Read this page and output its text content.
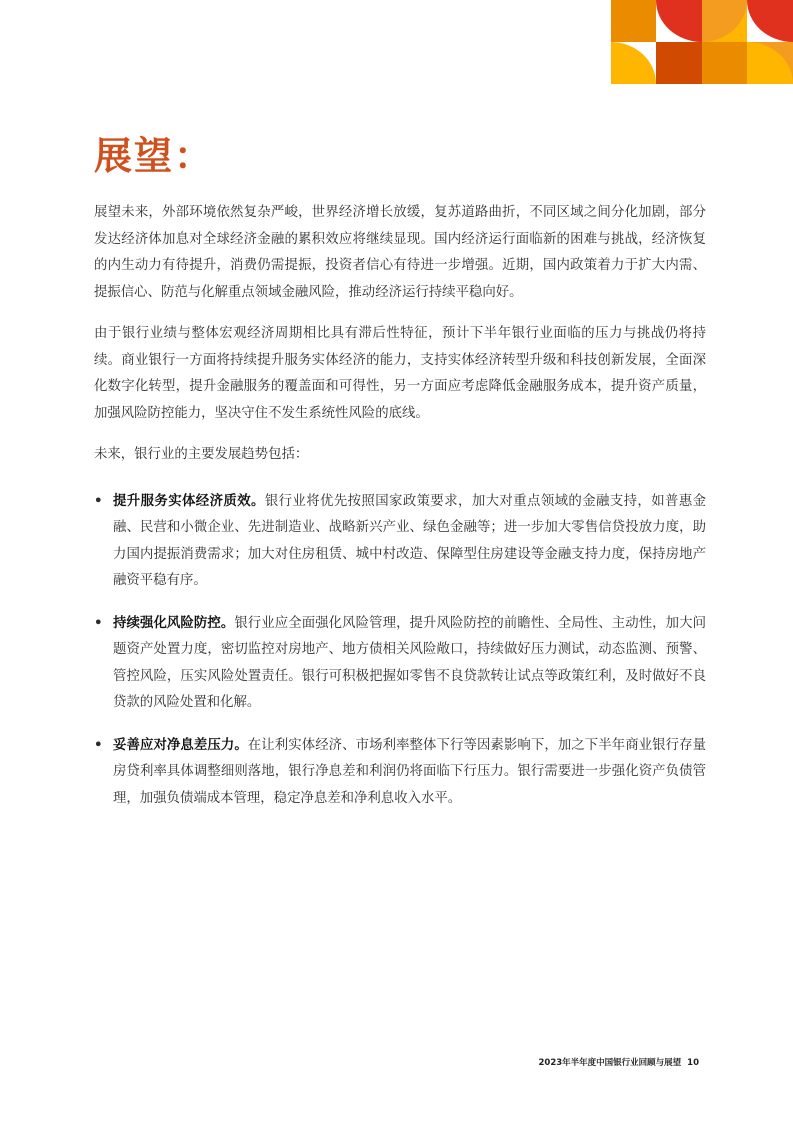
展望：

展望未来，外部环境依然复杂严峻，世界经济增长放缓，复苏道路曲折，不同区域之间分化加剧，部分发达经济体加息对全球经济金融的累积效应将继续显现。国内经济运行面临新的困难与挑战，经济恢复的内生动力有待提升，消费仍需提振，投资者信心有待进一步增强。近期，国内政策着力于扩大内需、提振信心、防范与化解重点领域金融风险，推动经济运行持续平稳向好。

由于银行业绩与整体宏观经济周期相比具有滞后性特征，预计下半年银行业面临的压力与挑战仍将持续。商业银行一方面将持续提升服务实体经济的能力，支持实体经济转型升级和科技创新发展，全面深化数字化转型，提升金融服务的覆盖面和可得性，另一方面应考虑降低金融服务成本，提升资产质量，加强风险防控能力，坚决守住不发生系统性风险的底线。

未来，银行业的主要发展趋势包括：

• 提升服务实体经济质效。银行业将优先按照国家政策要求，加大对重点领域的金融支持，如普惠金融、民营和小微企业、先进制造业、战略新兴产业、绿色金融等；进一步加大零售信贷投放力度，助力国内提振消费需求；加大对住房租赁、城中村改造、保障型住房建设等金融支持力度，保持房地产融资平稳有序。
• 持续强化风险防控。银行业应全面强化风险管理，提升风险防控的前瞻性、全局性、主动性，加大问题资产处置力度，密切监控对房地产、地方债相关风险敞口，持续做好压力测试，动态监测、预警、管控风险，压实风险处置责任。银行可积极把握如零售不良贷款转让试点等政策红利，及时做好不良贷款的风险处置和化解。
• 妥善应对净息差压力。在让利实体经济、市场利率整体下行等因素影响下，加之下半年商业银行存量房贷利率具体调整细则落地，银行净息差和利润仍将面临下行压力。银行需要进一步强化资产负债管理，加强负债端成本管理，稳定净息差和净利息收入水平。
2023年半年度中国银行业回顾与展望 10
